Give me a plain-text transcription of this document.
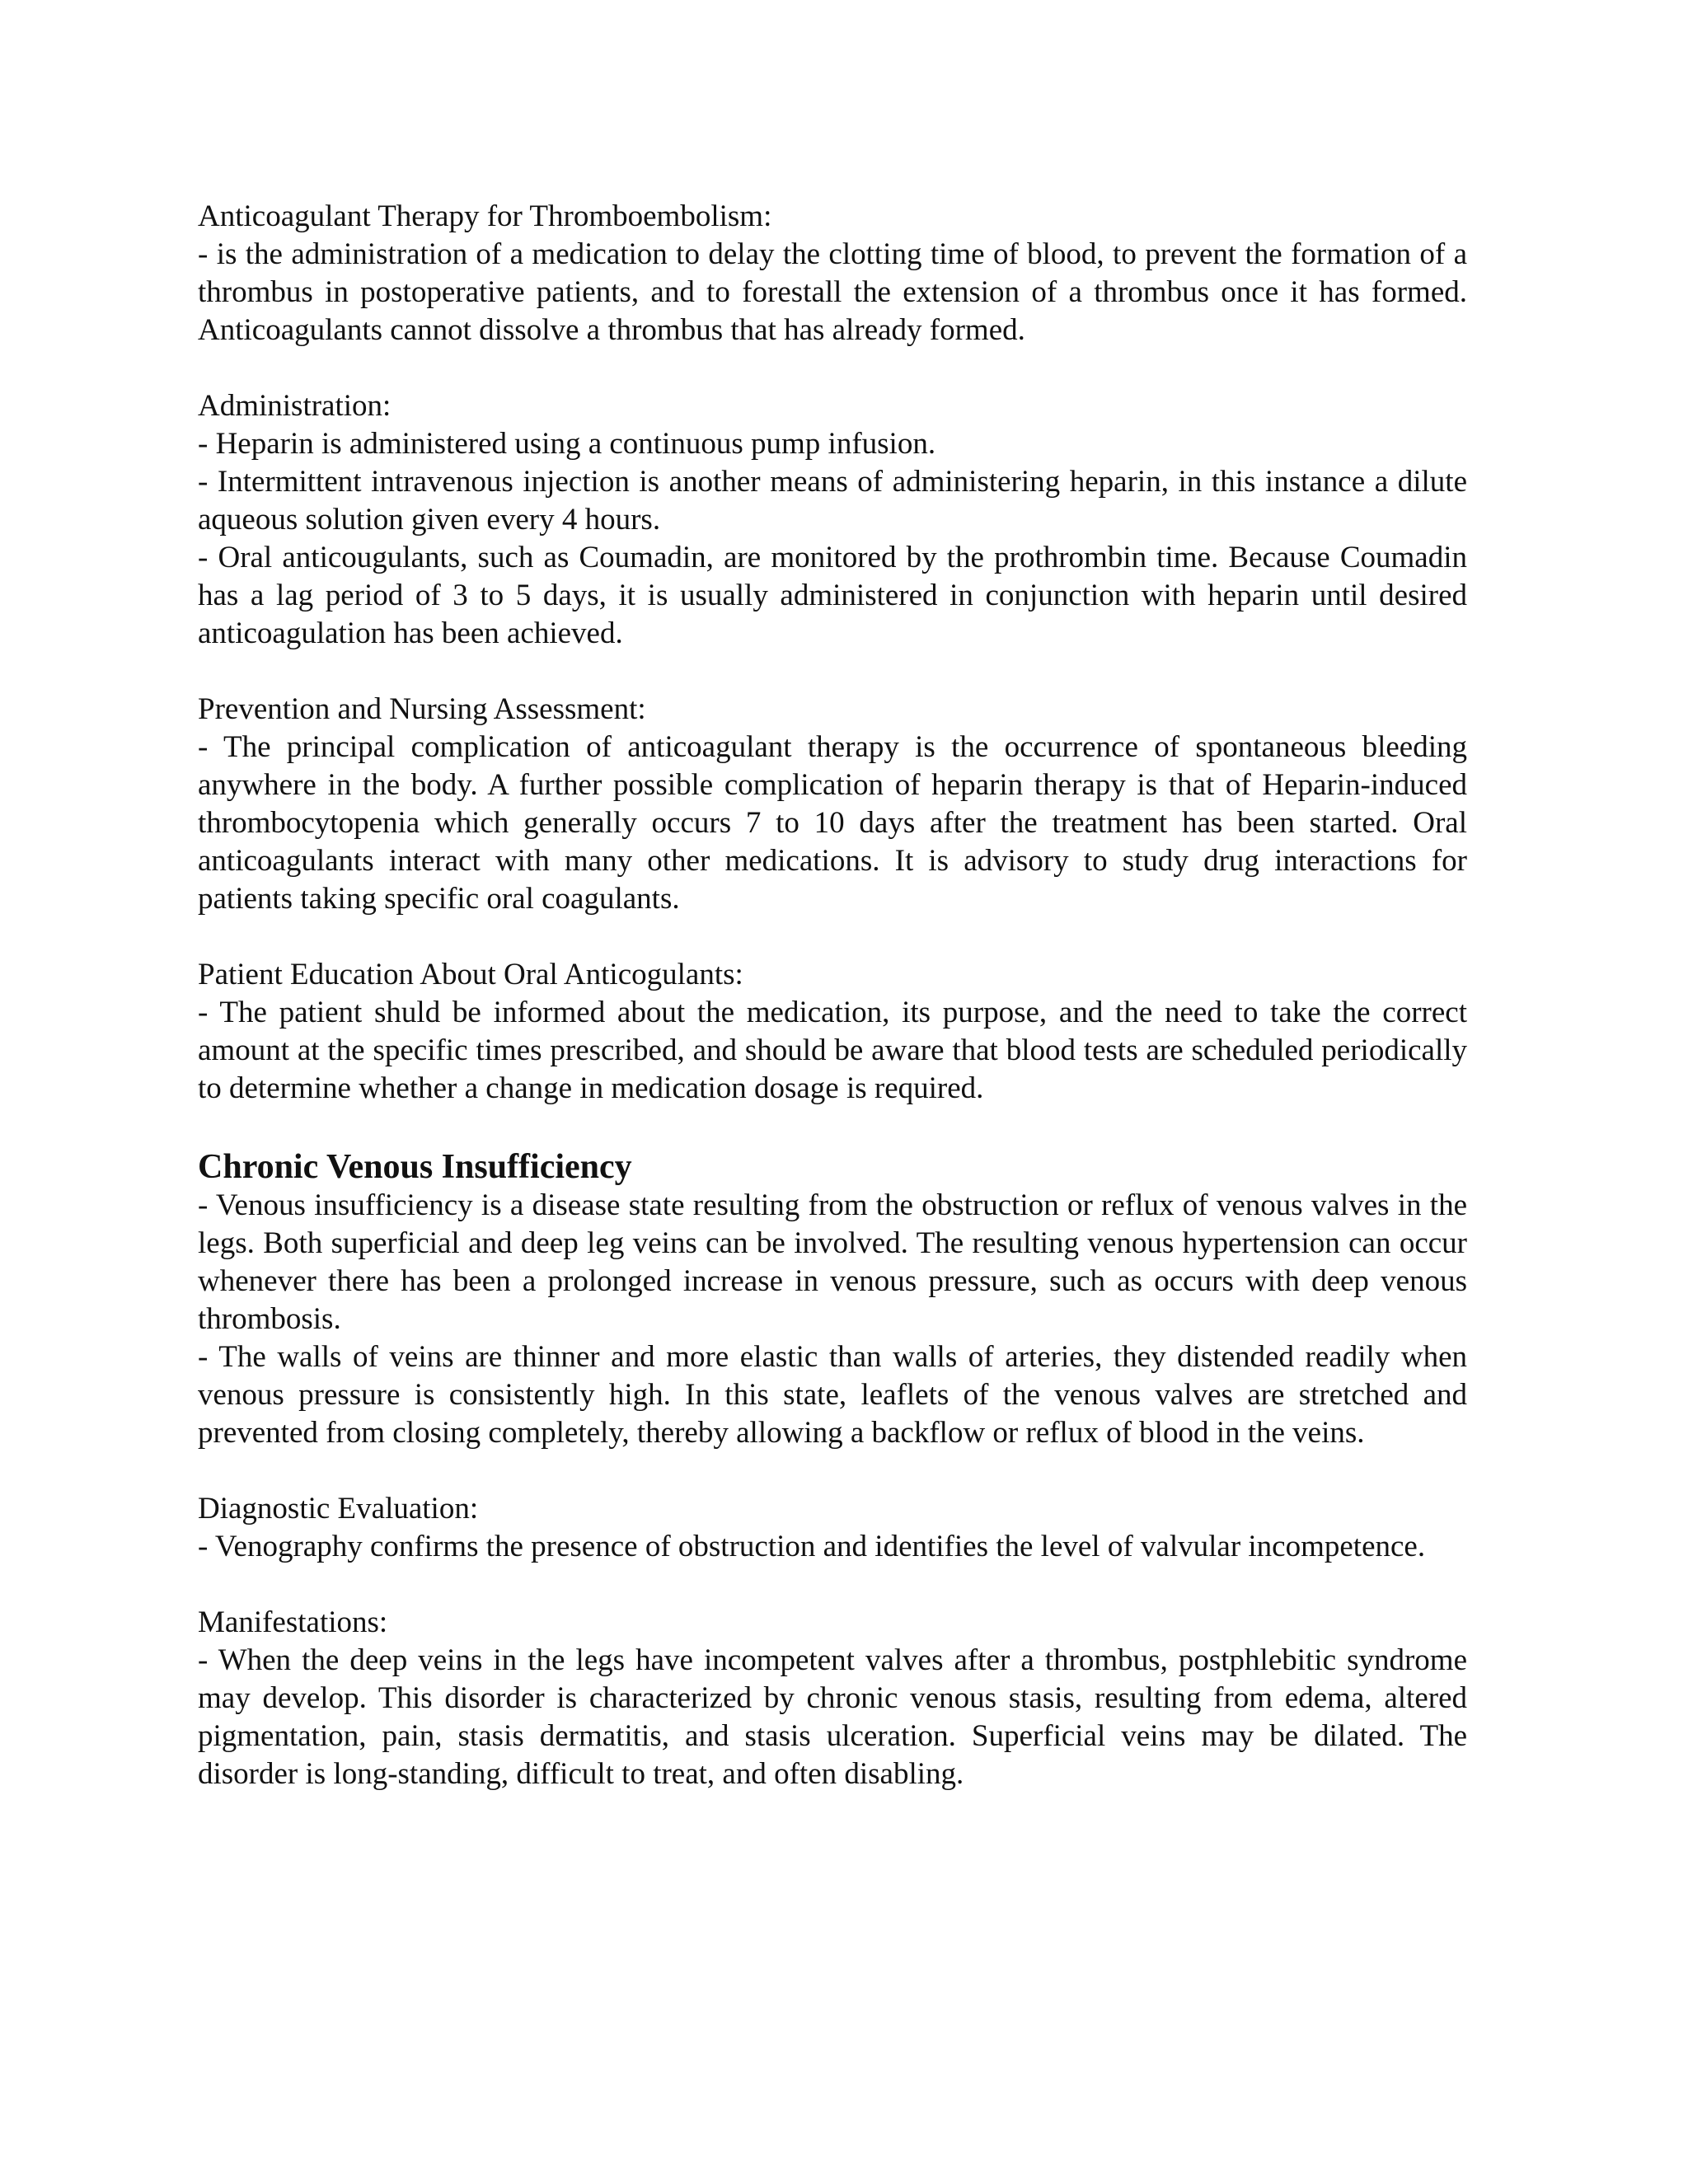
Anticoagulant Therapy for Thromboembolism:

- is the administration of a medication to delay the clotting time of blood, to prevent the formation of a thrombus in postoperative patients, and to forestall the extension of a thrombus once it has formed. Anticoagulants cannot dissolve a thrombus that has already formed.

Administration:

- Heparin is administered using a continuous pump infusion.

- Intermittent intravenous injection is another means of administering heparin, in this instance a dilute aqueous solution given every 4 hours.

- Oral anticougulants, such as Coumadin, are monitored by the prothrombin time. Because Coumadin has a lag period of 3 to 5 days, it is usually administered in conjunction with heparin until desired anticoagulation has been achieved.

Prevention and Nursing Assessment:

- The principal complication of anticoagulant therapy is the occurrence of spontaneous bleeding anywhere in the body. A further possible complication of heparin therapy is that of Heparin-induced thrombocytopenia which generally occurs 7 to 10 days after the treatment has been started. Oral anticoagulants interact with many other medications. It is advisory to study drug interactions for patients taking specific oral coagulants.

Patient Education About Oral Anticogulants:

- The patient shuld be informed about the medication, its purpose, and the need to take the correct amount at the specific times prescribed, and should be aware that blood tests are scheduled periodically to determine whether a change in medication dosage is required.

Chronic Venous Insufficiency

- Venous insufficiency is a disease state resulting from the obstruction or reflux of venous valves in the legs. Both superficial and deep leg veins can be involved. The resulting venous hypertension can occur whenever there has been a prolonged increase in venous pressure, such as occurs with deep venous thrombosis.

- The walls of veins are thinner and more elastic than walls of arteries, they distended readily when venous pressure is consistently high. In this state, leaflets of the venous valves are stretched and prevented from closing completely, thereby allowing a backflow or reflux of blood in the veins.

Diagnostic Evaluation:

- Venography confirms the presence of obstruction and identifies the level of valvular incompetence.

Manifestations:

- When the deep veins in the legs have incompetent valves after a thrombus, postphlebitic syndrome may develop. This disorder is characterized by chronic venous stasis, resulting from edema, altered pigmentation, pain, stasis dermatitis, and stasis ulceration. Superficial veins may be dilated. The disorder is long-standing, difficult to treat, and often disabling.
